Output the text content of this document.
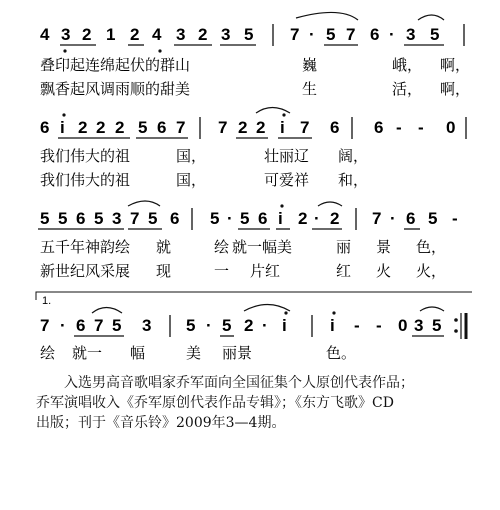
4 3 2 1 2 4 3 2 3 5 7 · 5 7 6 · 3 5
叠印起连绵起伏的群山	巍	峨， 啊，
飘香起风调雨顺的甜美	生	活， 啊，
6 i 2 2 2 5 6 7 7 2 2 i 7 6 6 - - 0
我们伟大的祖	国，	壮丽辽 阔，
我们伟大的祖	国，	可爱祥 和，
5 5 6 5 3 7 5 6 5 · 5 6 i 2 · 2 7 · 6 5 -
五千年神韵绘 就	绘 就一幅美	丽 景 色，
新世纪风采展 现	一 片红	红 火 火，
1.
7 · 6 7 5 3 5 · 5 2 · i	i - - 0 3 5
绘 就一 幅	美 丽景	色。

入选男高音歌唱家乔军面向全国征集个人原创代表作品；

乔军演唱收入《乔军原创代表作品专辑》；《东方飞歌》CD

出版；刊于《音乐铃》2009年3—4期。
